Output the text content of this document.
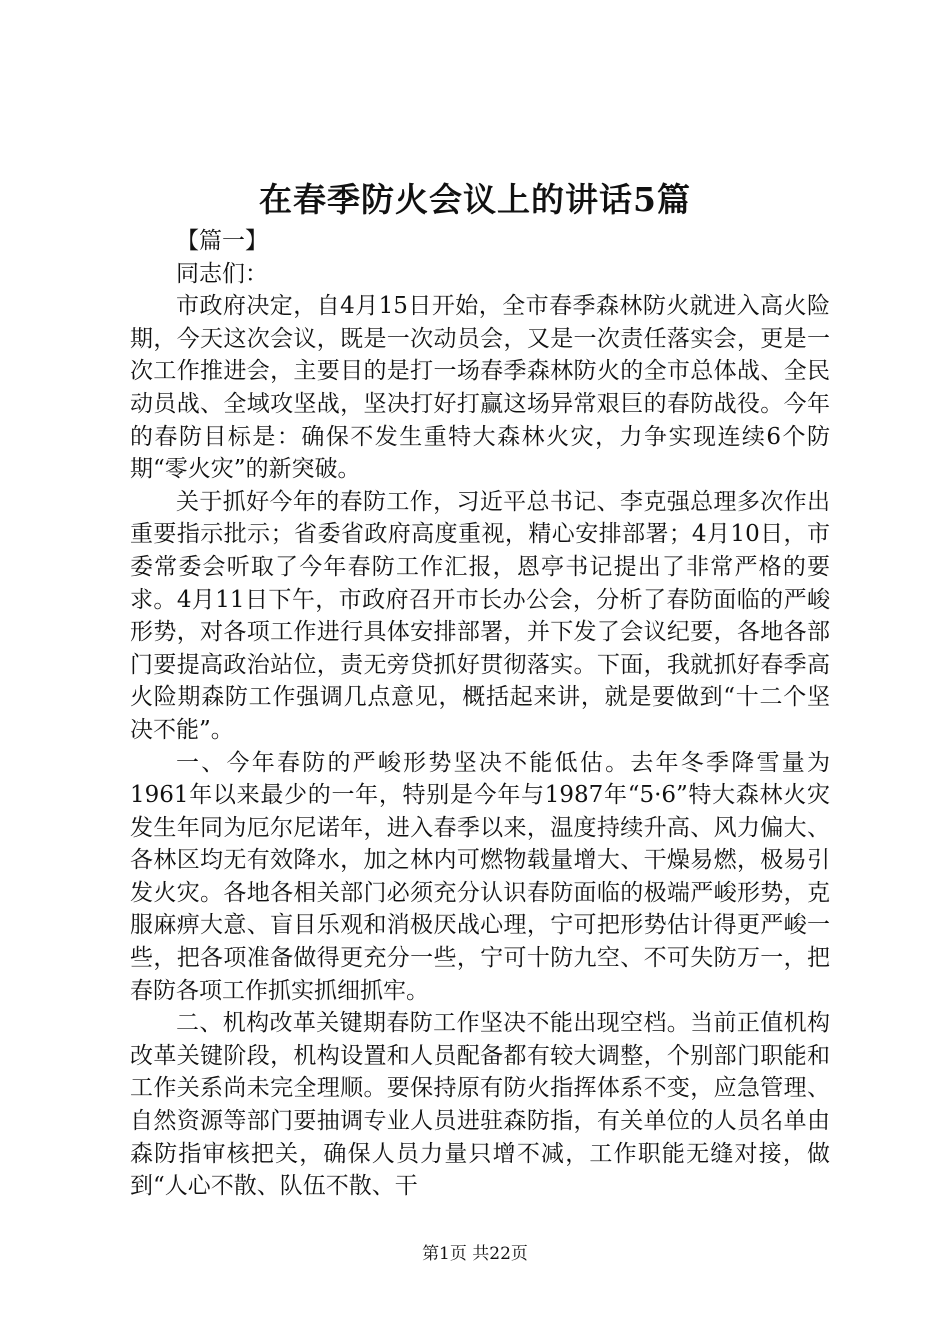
在春季防火会议上的讲话5篇

【篇一】

同志们：

市政府决定，自4月15日开始，全市春季森林防火就进入高火险期，今天这次会议，既是一次动员会，又是一次责任落实会，更是一次工作推进会，主要目的是打一场春季森林防火的全市总体战、全民动员战、全域攻坚战，坚决打好打赢这场异常艰巨的春防战役。今年的春防目标是：确保不发生重特大森林火灾，力争实现连续6个防期“零火灾”的新突破。

关于抓好今年的春防工作，习近平总书记、李克强总理多次作出重要指示批示；省委省政府高度重视，精心安排部署；4月10日，市委常委会听取了今年春防工作汇报，恩亭书记提出了非常严格的要求。4月11日下午，市政府召开市长办公会，分析了春防面临的严峻形势，对各项工作进行具体安排部署，并下发了会议纪要，各地各部门要提高政治站位，责无旁贷抓好贯彻落实。下面，我就抓好春季高火险期森防工作强调几点意见，概括起来讲，就是要做到“十二个坚决不能”。

一、今年春防的严峻形势坚决不能低估。去年冬季降雪量为1961年以来最少的一年，特别是今年与1987年“5·6”特大森林火灾发生年同为厄尔尼诺年，进入春季以来，温度持续升高、风力偏大、各林区均无有效降水，加之林内可燃物载量增大、干燥易燃，极易引发火灾。各地各相关部门必须充分认识春防面临的极端严峻形势，克服麻痹大意、盲目乐观和消极厌战心理，宁可把形势估计得更严峻一些，把各项准备做得更充分一些，宁可十防九空、不可失防万一，把春防各项工作抓实抓细抓牢。

二、机构改革关键期春防工作坚决不能出现空档。当前正值机构改革关键阶段，机构设置和人员配备都有较大调整，个别部门职能和工作关系尚未完全理顺。要保持原有防火指挥体系不变，应急管理、自然资源等部门要抽调专业人员进驻森防指，有关单位的人员名单由森防指审核把关，确保人员力量只增不减，工作职能无缝对接，做到“人心不散、队伍不散、干

第1页 共22页
